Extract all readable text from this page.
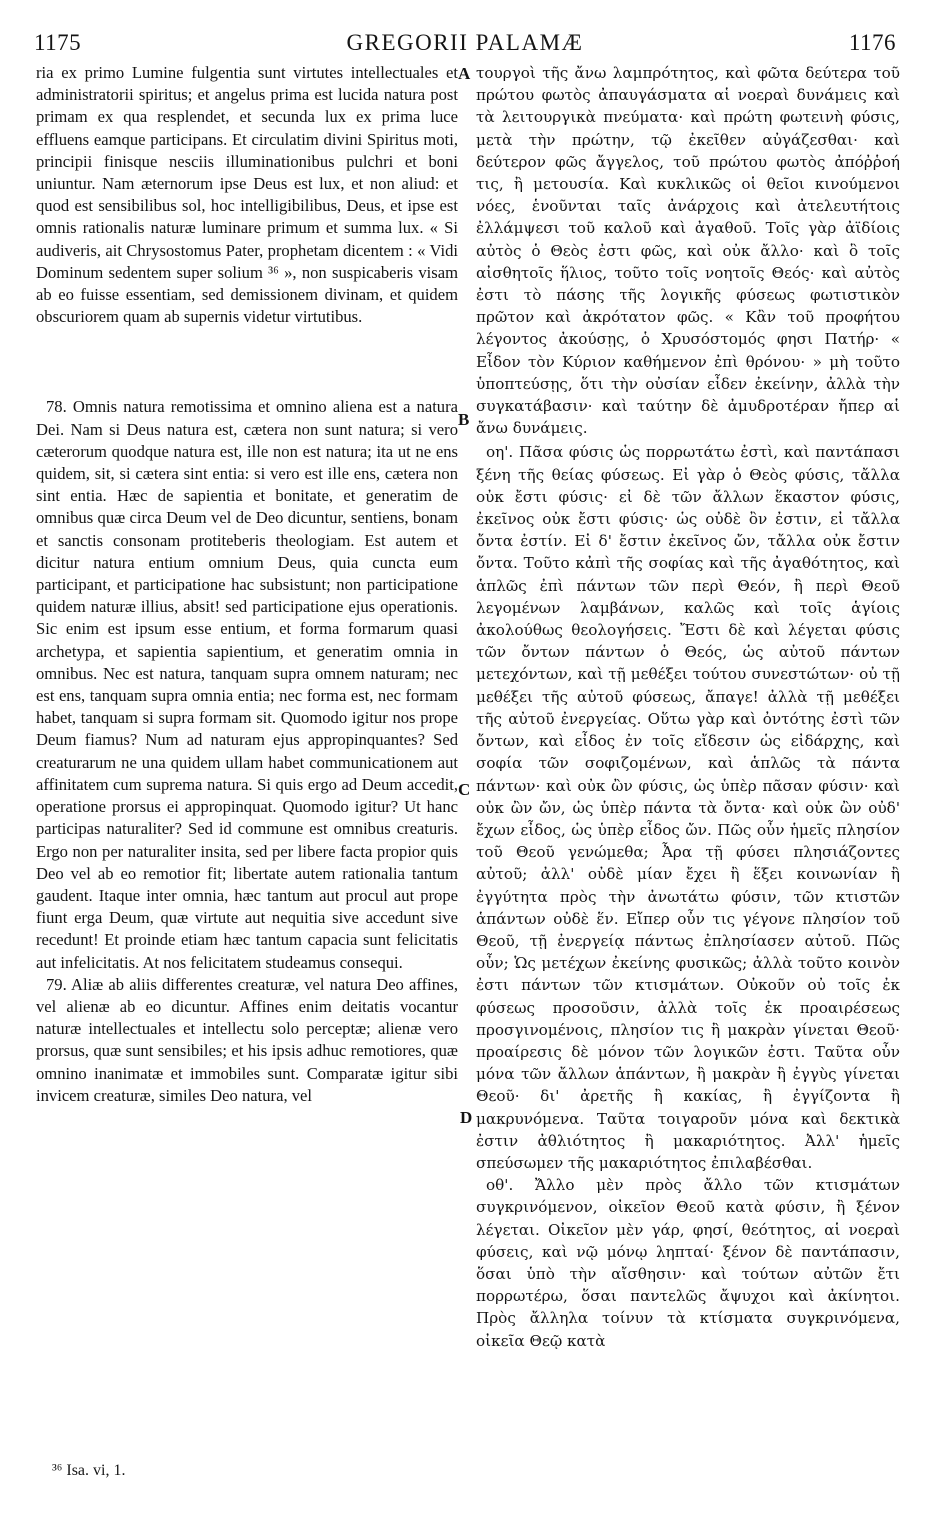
GREGORII PALAMÆ
1175	1176

ria ex primo Lumine fulgentia sunt virtutes intellectuales et administratorii spiritus; et angelus prima est lucida natura post primam ex qua resplendet, et secunda lux ex prima luce effluens eamque participans. Et circulatim divini Spiritus moti, principii finisque nesciis illuminationibus pulchri et boni uniuntur. Nam æternorum ipse Deus est lux, et non aliud: et quod est sensibilibus sol, hoc intelligibilibus, Deus, et ipse est omnis rationalis naturæ luminare primum et summa lux. « Si audiveris, ait Chrysostomus Pater, prophetam dicentem : « Vidi Dominum sedentem super solium ³⁶ », non suspicaberis visam ab eo fuisse essentiam, sed demissionem divinam, et quidem obscuriorem quam ab supernis videtur virtutibus.

78. Omnis natura remotissima et omnino aliena est a natura Dei. Nam si Deus natura est, cætera non sunt natura; si vero cæterorum quodque natura est, ille non est natura; ita ut ne ens quidem, sit, si cætera sint entia: si vero est ille ens, cætera non sint entia. Hæc de sapientia et bonitate, et generatim de omnibus quæ circa Deum vel de Deo dicuntur, sentiens, bonam et sanctis consonam protiteberis theologiam. Est autem et dicitur natura entium omnium Deus, quia cuncta eum participant, et participatione hac subsistunt; non participatione quidem naturæ illius, absit! sed participatione ejus operationis. Sic enim est ipsum esse entium, et forma formarum quasi archetypa, et sapientia sapientium, et generatim omnia in omnibus. Nec est natura, tanquam supra omnem naturam; nec est ens, tanquam supra omnia entia; nec forma est, nec formam habet, tanquam si supra formam sit. Quomodo igitur nos prope Deum fiamus? Num ad naturam ejus appropinquantes? Sed creaturarum ne una quidem ullam habet communicationem aut affinitatem cum suprema natura. Si quis ergo ad Deum accedit, operatione prorsus ei appropinquat. Quomodo igitur? Ut hanc participas naturaliter? Sed id commune est omnibus creaturis. Ergo non per naturaliter insita, sed per libere facta propior quis Deo vel ab eo remotior fit; libertate autem rationalia tantum gaudent. Itaque inter omnia, hæc tantum aut procul aut prope fiunt erga Deum, quæ virtute aut nequitia sive accedunt sive recedunt! Et proinde etiam hæc tantum capacia sunt felicitatis aut infelicitatis. At nos felicitatem studeamus consequi.

79. Aliæ ab aliis differentes creaturæ, vel natura Deo affines, vel alienæ ab eo dicuntur. Affines enim deitatis vocantur naturæ intellectuales et intellectu solo perceptæ; alienæ vero prorsus, quæ sunt sensibiles; et his ipsis adhuc remotiores, quæ omnino inanimatæ et immobiles sunt. Comparatæ igitur sibi invicem creaturæ, similes Deo natura, vel

A
B
C
D

τουργοὶ τῆς ἄνω λαμπρότητος, καὶ φῶτα δεύτερα τοῦ πρώτου φωτὸς ἀπαυγάσματα αἱ νοεραὶ δυνάμεις καὶ τὰ λειτουργικὰ πνεύματα· καὶ πρώτη φωτεινὴ φύσις, μετὰ τὴν πρώτην, τῷ ἐκεῖθεν αὐγάζεσθαι· καὶ δεύτερον φῶς ἄγγελος, τοῦ πρώτου φωτὸς ἀπόῤῥοή τις, ἢ μετουσία. Καὶ κυκλικῶς οἱ θεῖοι κινούμενοι νόες, ἑνοῦνται ταῖς ἀνάρχοις καὶ ἀτελευτήτοις ἐλλάμψεσι τοῦ καλοῦ καὶ ἀγαθοῦ. Τοῖς γὰρ ἀϊδίοις αὐτὸς ὁ Θεὸς ἐστι φῶς, καὶ οὐκ ἄλλο· καὶ ὃ τοῖς αἰσθητοῖς ἥλιος, τοῦτο τοῖς νοητοῖς Θεός· καὶ αὐτὸς ἐστι τὸ πάσης τῆς λογικῆς φύσεως φωτιστικὸν πρῶτον καὶ ἀκρότατον φῶς. « Κἂν τοῦ προφήτου λέγοντος ἀκούσῃς, ὁ Χρυσόστομός φησι Πατήρ· « Εἶδον τὸν Κύριον καθήμενον ἐπὶ θρόνου· » μὴ τοῦτο ὑποπτεύσῃς, ὅτι τὴν οὐσίαν εἶδεν ἐκείνην, ἀλλὰ τὴν συγκατάβασιν· καὶ ταύτην δὲ ἀμυδροτέραν ἤπερ αἱ ἄνω δυνάμεις.

οη'. Πᾶσα φύσις ὡς πορρωτάτω ἐστὶ, καὶ παντάπασι ξένη τῆς θείας φύσεως. Εἰ γὰρ ὁ Θεὸς φύσις, τἄλλα οὐκ ἔστι φύσις· εἰ δὲ τῶν ἄλλων ἕκαστον φύσις, ἐκεῖνος οὐκ ἔστι φύσις· ὡς οὐδὲ ὂν ἐστιν, εἰ τἄλλα ὄντα ἐστίν. Εἰ δ' ἔστιν ἐκεῖνος ὤν, τἄλλα οὐκ ἔστιν ὄντα. Τοῦτο κἀπὶ τῆς σοφίας καὶ τῆς ἀγαθότητος, καὶ ἁπλῶς ἐπὶ πάντων τῶν περὶ Θεόν, ἢ περὶ Θεοῦ λεγομένων λαμβάνων, καλῶς καὶ τοῖς ἁγίοις ἀκολούθως θεολογήσεις. Ἔστι δὲ καὶ λέγεται φύσις τῶν ὄντων πάντων ὁ Θεός, ὡς αὐτοῦ πάντων μετεχόντων, καὶ τῇ μεθέξει τούτου συνεστώτων· οὐ τῇ μεθέξει τῆς αὐτοῦ φύσεως, ἄπαγε! ἀλλὰ τῇ μεθέξει τῆς αὐτοῦ ἐνεργείας. Οὕτω γὰρ καὶ ὀντότης ἐστὶ τῶν ὄντων, καὶ εἶδος ἐν τοῖς εἴδεσιν ὡς εἰδάρχης, καὶ σοφία τῶν σοφιζομένων, καὶ ἁπλῶς τὰ πάντα πάντων· καὶ οὐκ ὢν φύσις, ὡς ὑπὲρ πᾶσαν φύσιν· καὶ οὐκ ὢν ὤν, ὡς ὑπὲρ πάντα τὰ ὄντα· καὶ οὐκ ὢν οὐδ' ἔχων εἶδος, ὡς ὑπὲρ εἶδος ὤν. Πῶς οὖν ἡμεῖς πλησίον τοῦ Θεοῦ γενώμεθα; Ἆρα τῇ φύσει πλησιάζοντες αὐτοῦ; ἀλλ' οὐδὲ μίαν ἔχει ἢ ἕξει κοινωνίαν ἢ ἐγγύτητα πρὸς τὴν ἀνωτάτω φύσιν, τῶν κτιστῶν ἁπάντων οὐδὲ ἕν. Εἴπερ οὖν τις γέγονε πλησίον τοῦ Θεοῦ, τῇ ἐνεργείᾳ πάντως ἐπλησίασεν αὐτοῦ. Πῶς οὖν; Ὡς μετέχων ἐκείνης φυσικῶς; ἀλλὰ τοῦτο κοινὸν ἐστι πάντων τῶν κτισμάτων. Οὐκοῦν οὐ τοῖς ἐκ φύσεως προσοῦσιν, ἀλλὰ τοῖς ἐκ προαιρέσεως προσγινομένοις, πλησίον τις ἢ μακρὰν γίνεται Θεοῦ· προαίρεσις δὲ μόνον τῶν λογικῶν ἐστι. Ταῦτα οὖν μόνα τῶν ἄλλων ἁπάντων, ἢ μακρὰν ἢ ἐγγὺς γίνεται Θεοῦ· δι' ἀρετῆς ἢ κακίας, ἢ ἐγγίζοντα ἢ μακρυνόμενα. Ταῦτα τοιγαροῦν μόνα καὶ δεκτικὰ ἐστιν ἀθλιότητος ἢ μακαριότητος. Ἀλλ' ἡμεῖς σπεύσωμεν τῆς μακαριότητος ἐπιλαβέσθαι.

οθ'. Ἄλλο μὲν πρὸς ἄλλο τῶν κτισμάτων συγκρινόμενον, οἰκεῖον Θεοῦ κατὰ φύσιν, ἢ ξένον λέγεται. Οἰκεῖον μὲν γάρ, φησί, θεότητος, αἱ νοεραὶ φύσεις, καὶ νῷ μόνῳ ληπταί· ξένον δὲ παντάπασιν, ὅσαι ὑπὸ τὴν αἴσθησιν· καὶ τούτων αὐτῶν ἔτι πορρωτέρω, ὅσαι παντελῶς ἄψυχοι καὶ ἀκίνητοι. Πρὸς ἄλληλα τοίνυν τὰ κτίσματα συγκρινόμενα, οἰκεῖα Θεῷ κατὰ

³⁶ Isa. vi, 1.
